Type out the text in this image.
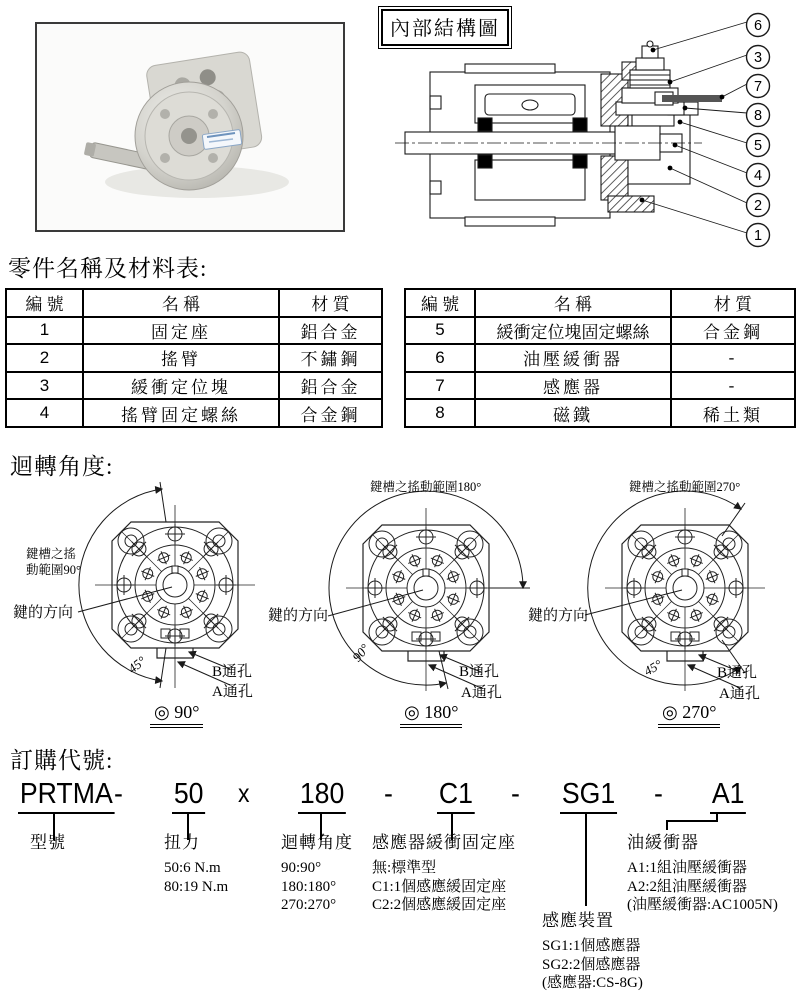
內部結構圖	6
3
7
8
5
4
2
1
零件名稱及材料表:
編 號	名 稱	材 質
1	固定座	鋁合金
2	搖臂	不鏽鋼
3	緩衝定位塊	鋁合金
4	搖臂固定螺絲	合金鋼
編 號	名 稱	材 質
5	緩衝定位塊固定螺絲	合金鋼
6	油壓緩衝器	-
7	感應器	-
8	磁鐵	稀土類
迴轉角度:
鍵槽之搖動範圍90°
鍵的方向
45°	B通孔
A通孔
◎ 90°
鍵槽之搖動範圍180°
鍵的方向
90°
B通孔
A通孔
◎ 180°
鍵槽之搖動範圍270°
鍵的方向
45°	B通孔
A通孔
◎ 270°
訂購代號:
PRTMA - 50 x 180 - C1 - SG1 - A1
型號	扭力
50:6 N.m
80:19 N.m
迴轉角度
90:90°
180:180°
270:270°
感應器緩衝固定座
無:標準型
C1:1個感應緩固定座
C2:2個感應緩固定座
油緩衝器
A1:1組油壓緩衝器
A2:2組油壓緩衝器
(油壓緩衝器:AC1005N)
感應裝置
SG1:1個感應器
SG2:2個感應器
(感應器:CS-8G)
